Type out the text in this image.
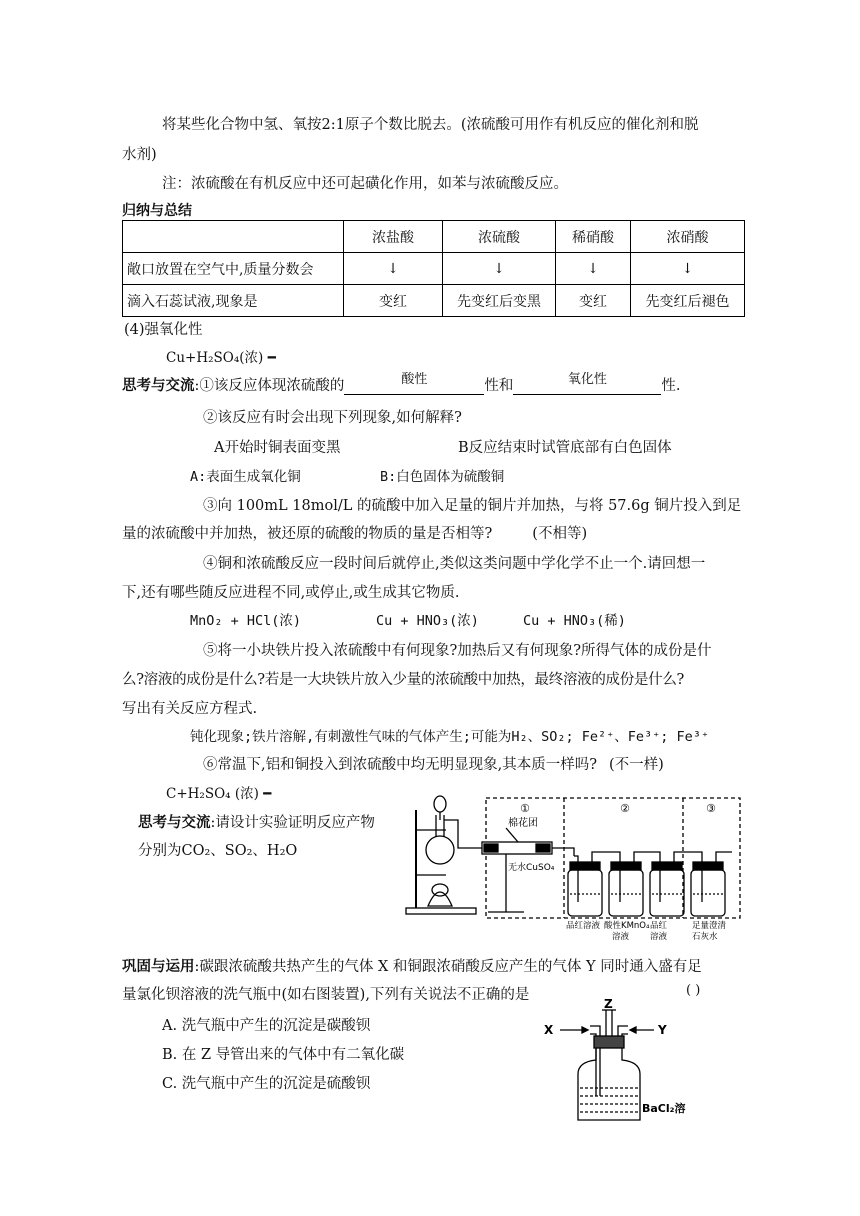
将某些化合物中氢、氧按2:1原子个数比脱去。(浓硫酸可用作有机反应的催化剂和脱
水剂)
注：浓硫酸在有机反应中还可起磺化作用，如苯与浓硫酸反应。
归纳与总结
	浓盐酸	浓硫酸	稀硝酸	浓硝酸
敞口放置在空气中,质量分数会	↓	↓	↓	↓
滴入石蕊试液,现象是	变红	先变红后变黑	变红	先变红后褪色
(4)强氧化性
Cu+H₂SO₄(浓) ━
思考与交流:①该反应体现浓硫酸的	酸性	性和	氧化性	性.
②该反应有时会出现下列现象,如何解释?
A开始时铜表面变黑	B反应结束时试管底部有白色固体
A:表面生成氧化铜	B:白色固体为硫酸铜
③向 100mL 18mol/L 的硫酸中加入足量的铜片并加热，与将 57.6g 铜片投入到足
量的浓硫酸中并加热，被还原的硫酸的物质的量是否相等?	(不相等)
④铜和浓硫酸反应一段时间后就停止,类似这类问题中学化学不止一个.请回想一
下,还有哪些随反应进程不同,或停止,或生成其它物质.
MnO₂ + HCl(浓)	Cu + HNO₃(浓)	Cu + HNO₃(稀)
⑤将一小块铁片投入浓硫酸中有何现象?加热后又有何现象?所得气体的成份是什
么?溶液的成份是什么?若是一大块铁片放入少量的浓硫酸中加热，最终溶液的成份是什么?
写出有关反应方程式.
钝化现象;铁片溶解,有刺激性气味的气体产生;可能为H₂、SO₂; Fe²⁺、Fe³⁺; Fe³⁺
⑥常温下,铝和铜投入到浓硫酸中均无明显现象,其本质一样吗? (不一样)
C+H₂SO₄ (浓) ━
思考与交流:请设计实验证明反应产物
分别为CO₂、SO₂、H₂O
①	②	③
棉花团
无水CuSO₄
品红溶液 酸性KMnO₄
溶液
品红
溶液
足量澄清
石灰水
巩固与运用:碳跟浓硫酸共热产生的气体 X 和铜跟浓硝酸反应产生的气体 Y 同时通入盛有足
量氯化钡溶液的洗气瓶中(如右图装置),下列有关说法不正确的是	( )
A. 洗气瓶中产生的沉淀是碳酸钡
B. 在 Z 导管出来的气体中有二氧化碳
C. 洗气瓶中产生的沉淀是硫酸钡
Z
X	Y
BaCl₂溶
